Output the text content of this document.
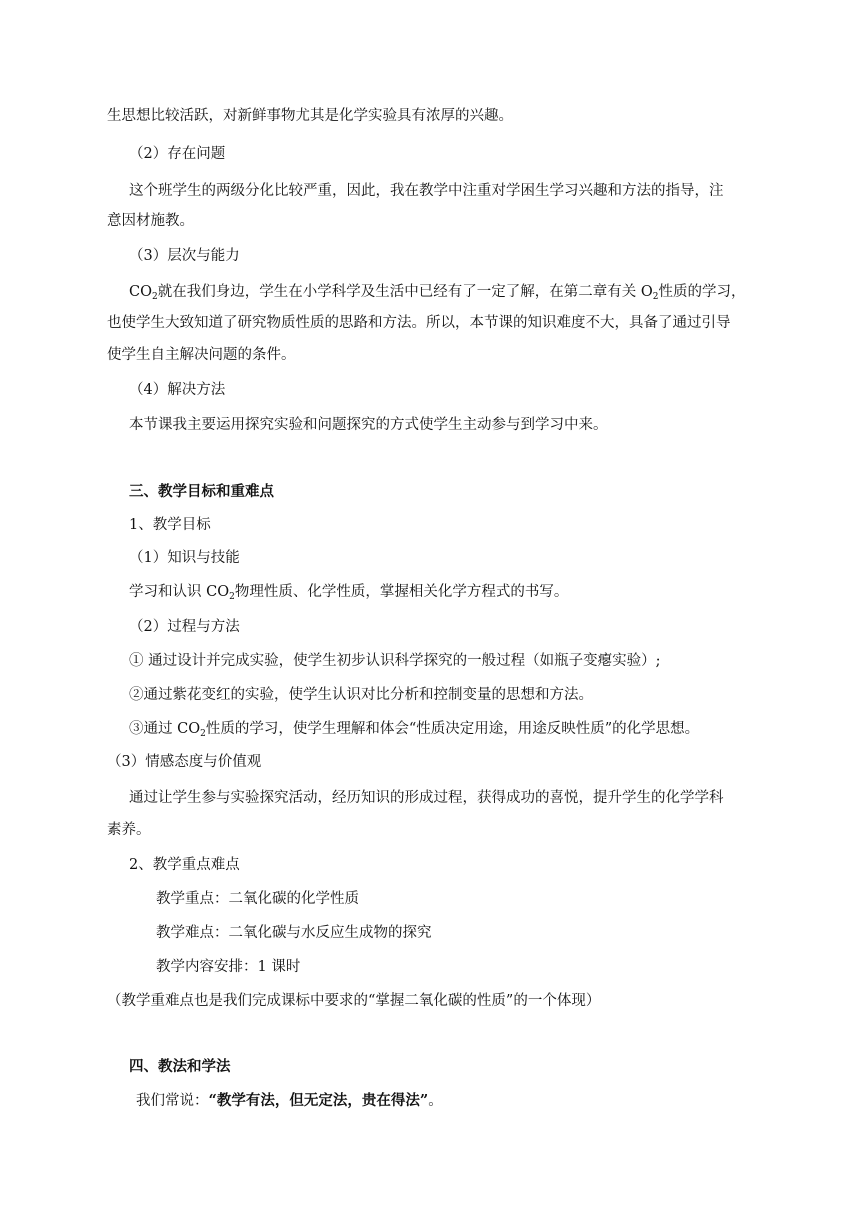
生思想比较活跃，对新鲜事物尤其是化学实验具有浓厚的兴趣。
（2）存在问题
这个班学生的两级分化比较严重，因此，我在教学中注重对学困生学习兴趣和方法的指导，注
意因材施教。
（3）层次与能力
$CO_2$就在我们身边，学生在小学科学及生活中已经有了一定了解，在第二章有关 $O_2$性质的学习，
也使学生大致知道了研究物质性质的思路和方法。所以，本节课的知识难度不大，具备了通过引导
使学生自主解决问题的条件。
（4）解决方法
本节课我主要运用探究实验和问题探究的方式使学生主动参与到学习中来。
三、教学目标和重难点
1、教学目标
（1）知识与技能
学习和认识 $CO_2$物理性质、化学性质，掌握相关化学方程式的书写。
（2）过程与方法
① 通过设计并完成实验，使学生初步认识科学探究的一般过程（如瓶子变瘪实验）;
②通过紫花变红的实验，使学生认识对比分析和控制变量的思想和方法。
③通过 $CO_2$性质的学习，使学生理解和体会“性质决定用途，用途反映性质”的化学思想。
（3）情感态度与价值观
通过让学生参与实验探究活动，经历知识的形成过程，获得成功的喜悦，提升学生的化学学科
素养。
2、教学重点难点
教学重点：二氧化碳的化学性质
教学难点：二氧化碳与水反应生成物的探究
教学内容安排：1 课时
（教学重难点也是我们完成课标中要求的“掌握二氧化碳的性质”的一个体现）
四、教法和学法
我们常说：“教学有法，但无定法，贵在得法”。
